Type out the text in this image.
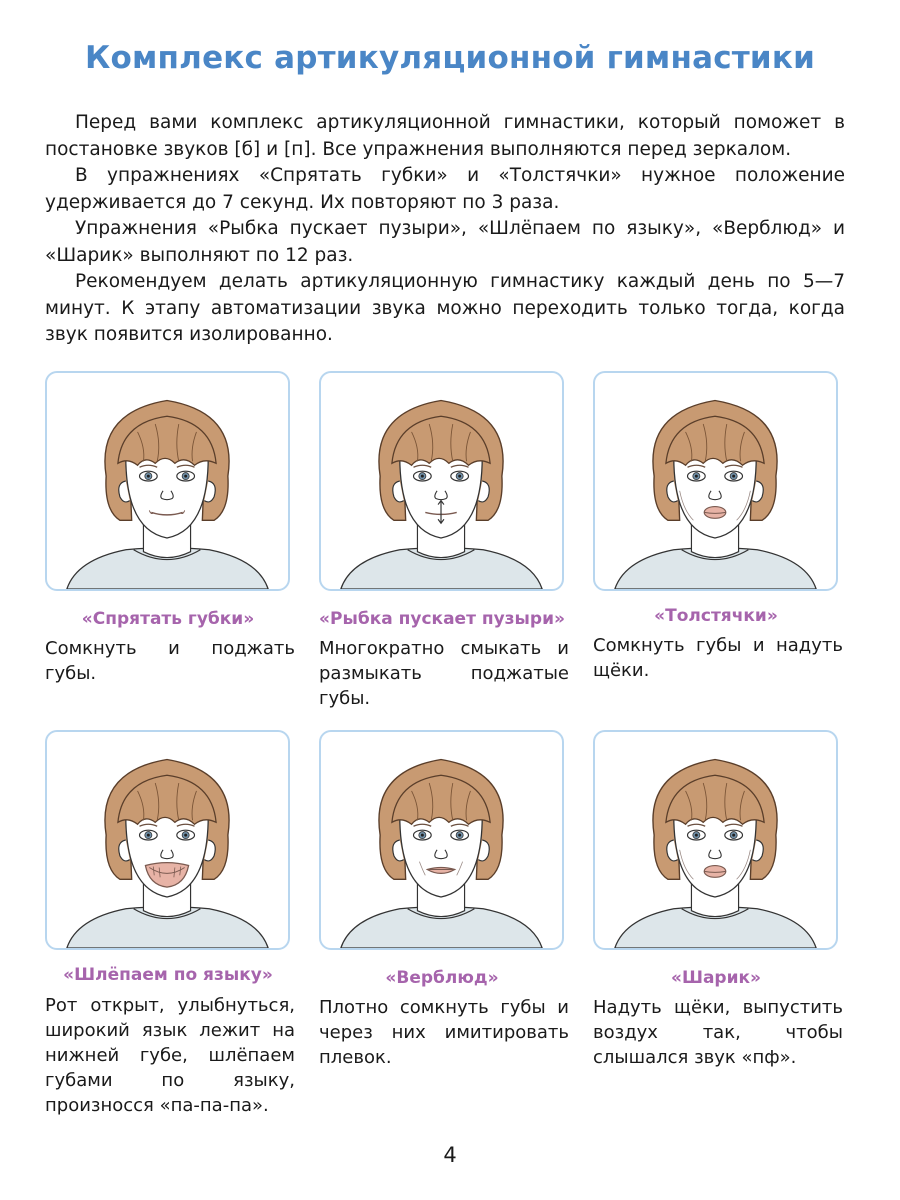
Комплекс артикуляционной гимнастики

Перед вами комплекс артикуляционной гимнастики, который поможет в постановке звуков [б] и [п]. Все упражнения выполняются перед зеркалом.

В упражнениях «Спрятать губки» и «Толстячки» нужное положение удерживается до 7 секунд. Их повторяют по 3 раза.

Упражнения «Рыбка пускает пузыри», «Шлёпаем по языку», «Верблюд» и «Шарик» выполняют по 12 раз.

Рекомендуем делать артикуляционную гимнастику каждый день по 5—7 минут. К этапу автоматизации звука можно переходить только тогда, когда звук появится изолированно.

«Спрятать губки»	«Рыбка пускает пузыри»	«Толстячки»
Сомкнуть и поджать губы.
Многократно смыкать и размыкать поджатые губы.
Сомкнуть губы и надуть щёки.
«Шлёпаем по языку»	«Верблюд»	«Шарик»
Рот открыт, улыбнуться, широкий язык лежит на нижней губе, шлёпаем губами по языку, произносся «па-па-па».
Плотно сомкнуть губы и через них имитировать плевок.
Надуть щёки, выпустить воздух так, чтобы слышался звук «пф».
4
